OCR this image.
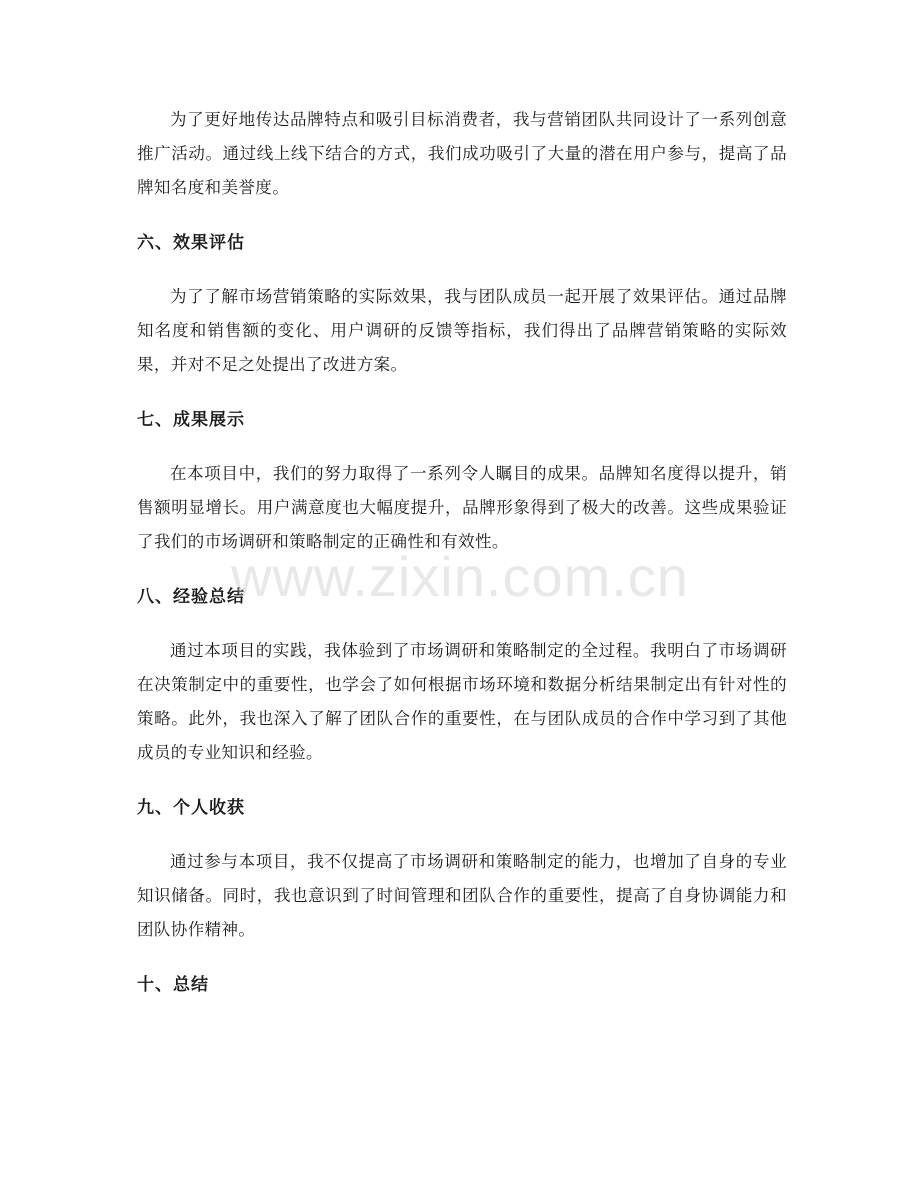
为了更好地传达品牌特点和吸引目标消费者，我与营销团队共同设计了一系列创意推广活动。通过线上线下结合的方式，我们成功吸引了大量的潜在用户参与，提高了品牌知名度和美誉度。

六、效果评估

为了了解市场营销策略的实际效果，我与团队成员一起开展了效果评估。通过品牌知名度和销售额的变化、用户调研的反馈等指标，我们得出了品牌营销策略的实际效果，并对不足之处提出了改进方案。

七、成果展示

在本项目中，我们的努力取得了一系列令人瞩目的成果。品牌知名度得以提升，销售额明显增长。用户满意度也大幅度提升，品牌形象得到了极大的改善。这些成果验证了我们的市场调研和策略制定的正确性和有效性。

八、经验总结

通过本项目的实践，我体验到了市场调研和策略制定的全过程。我明白了市场调研在决策制定中的重要性，也学会了如何根据市场环境和数据分析结果制定出有针对性的策略。此外，我也深入了解了团队合作的重要性，在与团队成员的合作中学习到了其他成员的专业知识和经验。

九、个人收获

通过参与本项目，我不仅提高了市场调研和策略制定的能力，也增加了自身的专业知识储备。同时，我也意识到了时间管理和团队合作的重要性，提高了自身协调能力和团队协作精神。

十、总结
www.zixin.com.cn
